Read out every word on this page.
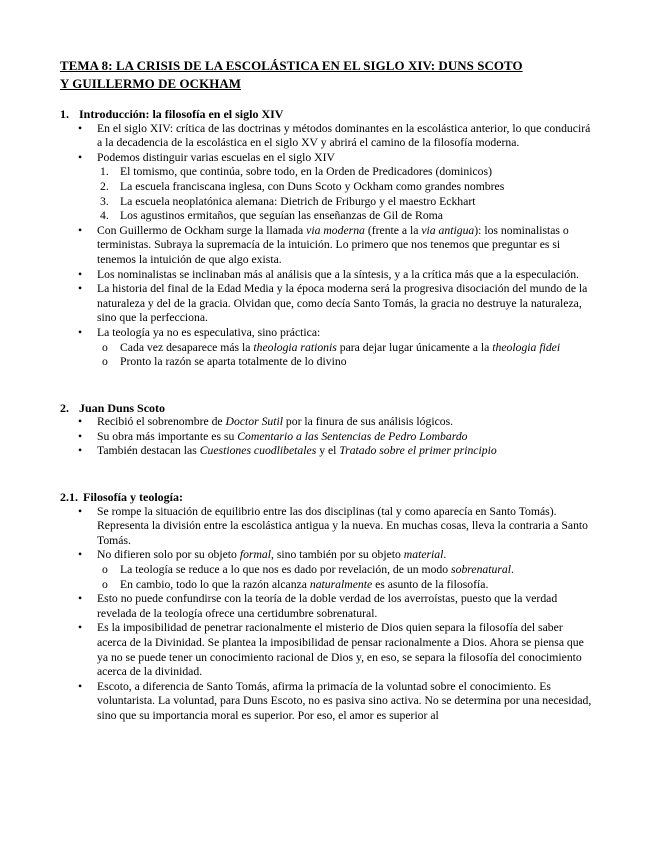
TEMA 8: LA CRISIS DE LA ESCOLÁSTICA EN EL SIGLO XIV: DUNS SCOTO
Y GUILLERMO DE OCKHAM
1. Introducción: la filosofía en el siglo XIV
• En el siglo XIV: crítica de las doctrinas y métodos dominantes en la escolástica anterior, lo que conducirá a la decadencia de la escolástica en el siglo XV y abrirá el camino de la filosofía moderna.
• Podemos distinguir varias escuelas en el siglo XIV
1. El tomismo, que continúa, sobre todo, en la Orden de Predicadores (dominicos)
2. La escuela franciscana inglesa, con Duns Scoto y Ockham como grandes nombres
3. La escuela neoplatónica alemana: Dietrich de Friburgo y el maestro Eckhart
4. Los agustinos ermitaños, que seguían las enseñanzas de Gil de Roma
• Con Guillermo de Ockham surge la llamada via moderna (frente a la via antigua): los nominalistas o terministas. Subraya la supremacía de la intuición. Lo primero que nos tenemos que preguntar es si tenemos la intuición de que algo exista.
• Los nominalistas se inclinaban más al análisis que a la síntesis, y a la crítica más que a la especulación.
• La historia del final de la Edad Media y la época moderna será la progresiva disociación del mundo de la naturaleza y del de la gracia. Olvidan que, como decía Santo Tomás, la gracia no destruye la naturaleza, sino que la perfecciona.
• La teología ya no es especulativa, sino práctica:
o Cada vez desaparece más la theologia rationis para dejar lugar únicamente a la theologia fidei
o Pronto la razón se aparta totalmente de lo divino
2. Juan Duns Scoto
• Recibió el sobrenombre de Doctor Sutil por la finura de sus análisis lógicos.
• Su obra más importante es su Comentario a las Sentencias de Pedro Lombardo
• También destacan las Cuestiones cuodlibetales y el Tratado sobre el primer principio
2.1. Filosofía y teología:
• Se rompe la situación de equilibrio entre las dos disciplinas (tal y como aparecía en Santo Tomás). Representa la división entre la escolástica antigua y la nueva. En muchas cosas, lleva la contraria a Santo Tomás.
• No difieren solo por su objeto formal, sino también por su objeto material.
o La teología se reduce a lo que nos es dado por revelación, de un modo sobrenatural.
o En cambio, todo lo que la razón alcanza naturalmente es asunto de la filosofía.
• Esto no puede confundirse con la teoría de la doble verdad de los averroístas, puesto que la verdad revelada de la teología ofrece una certidumbre sobrenatural.
• Es la imposibilidad de penetrar racionalmente el misterio de Dios quien separa la filosofía del saber acerca de la Divinidad. Se plantea la imposibilidad de pensar racionalmente a Dios. Ahora se piensa que ya no se puede tener un conocimiento racional de Dios y, en eso, se separa la filosofía del conocimiento acerca de la divinidad.
• Escoto, a diferencia de Santo Tomás, afirma la primacía de la voluntad sobre el conocimiento. Es voluntarista. La voluntad, para Duns Escoto, no es pasiva sino activa. No se determina por una necesidad, sino que su importancia moral es superior. Por eso, el amor es superior al
